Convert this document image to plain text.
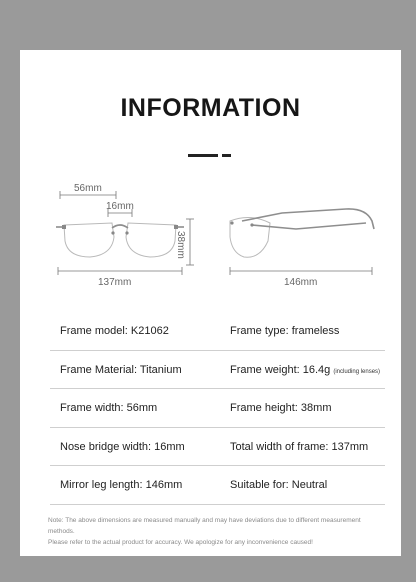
INFORMATION
56mm
16mm
38mm
137mm	146mm
Frame model: K21062	Frame type: frameless
Frame Material: Titanium	Frame weight: 16.4g (including lenses)
Frame width: 56mm	Frame height: 38mm
Nose bridge width: 16mm	Total width of frame: 137mm
Mirror leg length: 146mm	Suitable for: Neutral
Note: The above dimensions are measured manually and may have deviations due to different measurement methods.
Please refer to the actual product for accuracy. We apologize for any inconvenience caused!
